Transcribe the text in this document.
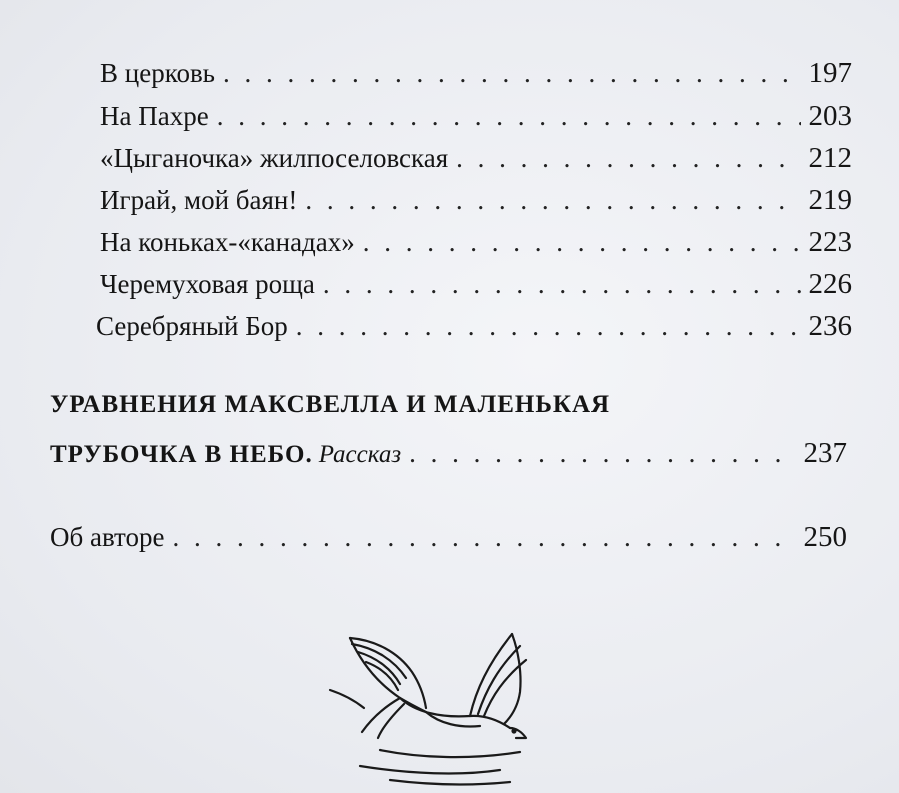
В церковь . . .	197
На Пахре . . .	203
«Цыганочка» жилпоселовская . . .	212
Играй, мой баян! . . .	219
На коньках-«канадах» . . .	223
Черемуховая роща . . .	226
Серебряный Бор . . .	236
УРАВНЕНИЯ МАКСВЕЛЛА И МАЛЕНЬКАЯ
ТРУБОЧКА В НЕБО. Рассказ . . .	237
Об авторе . . .	250
